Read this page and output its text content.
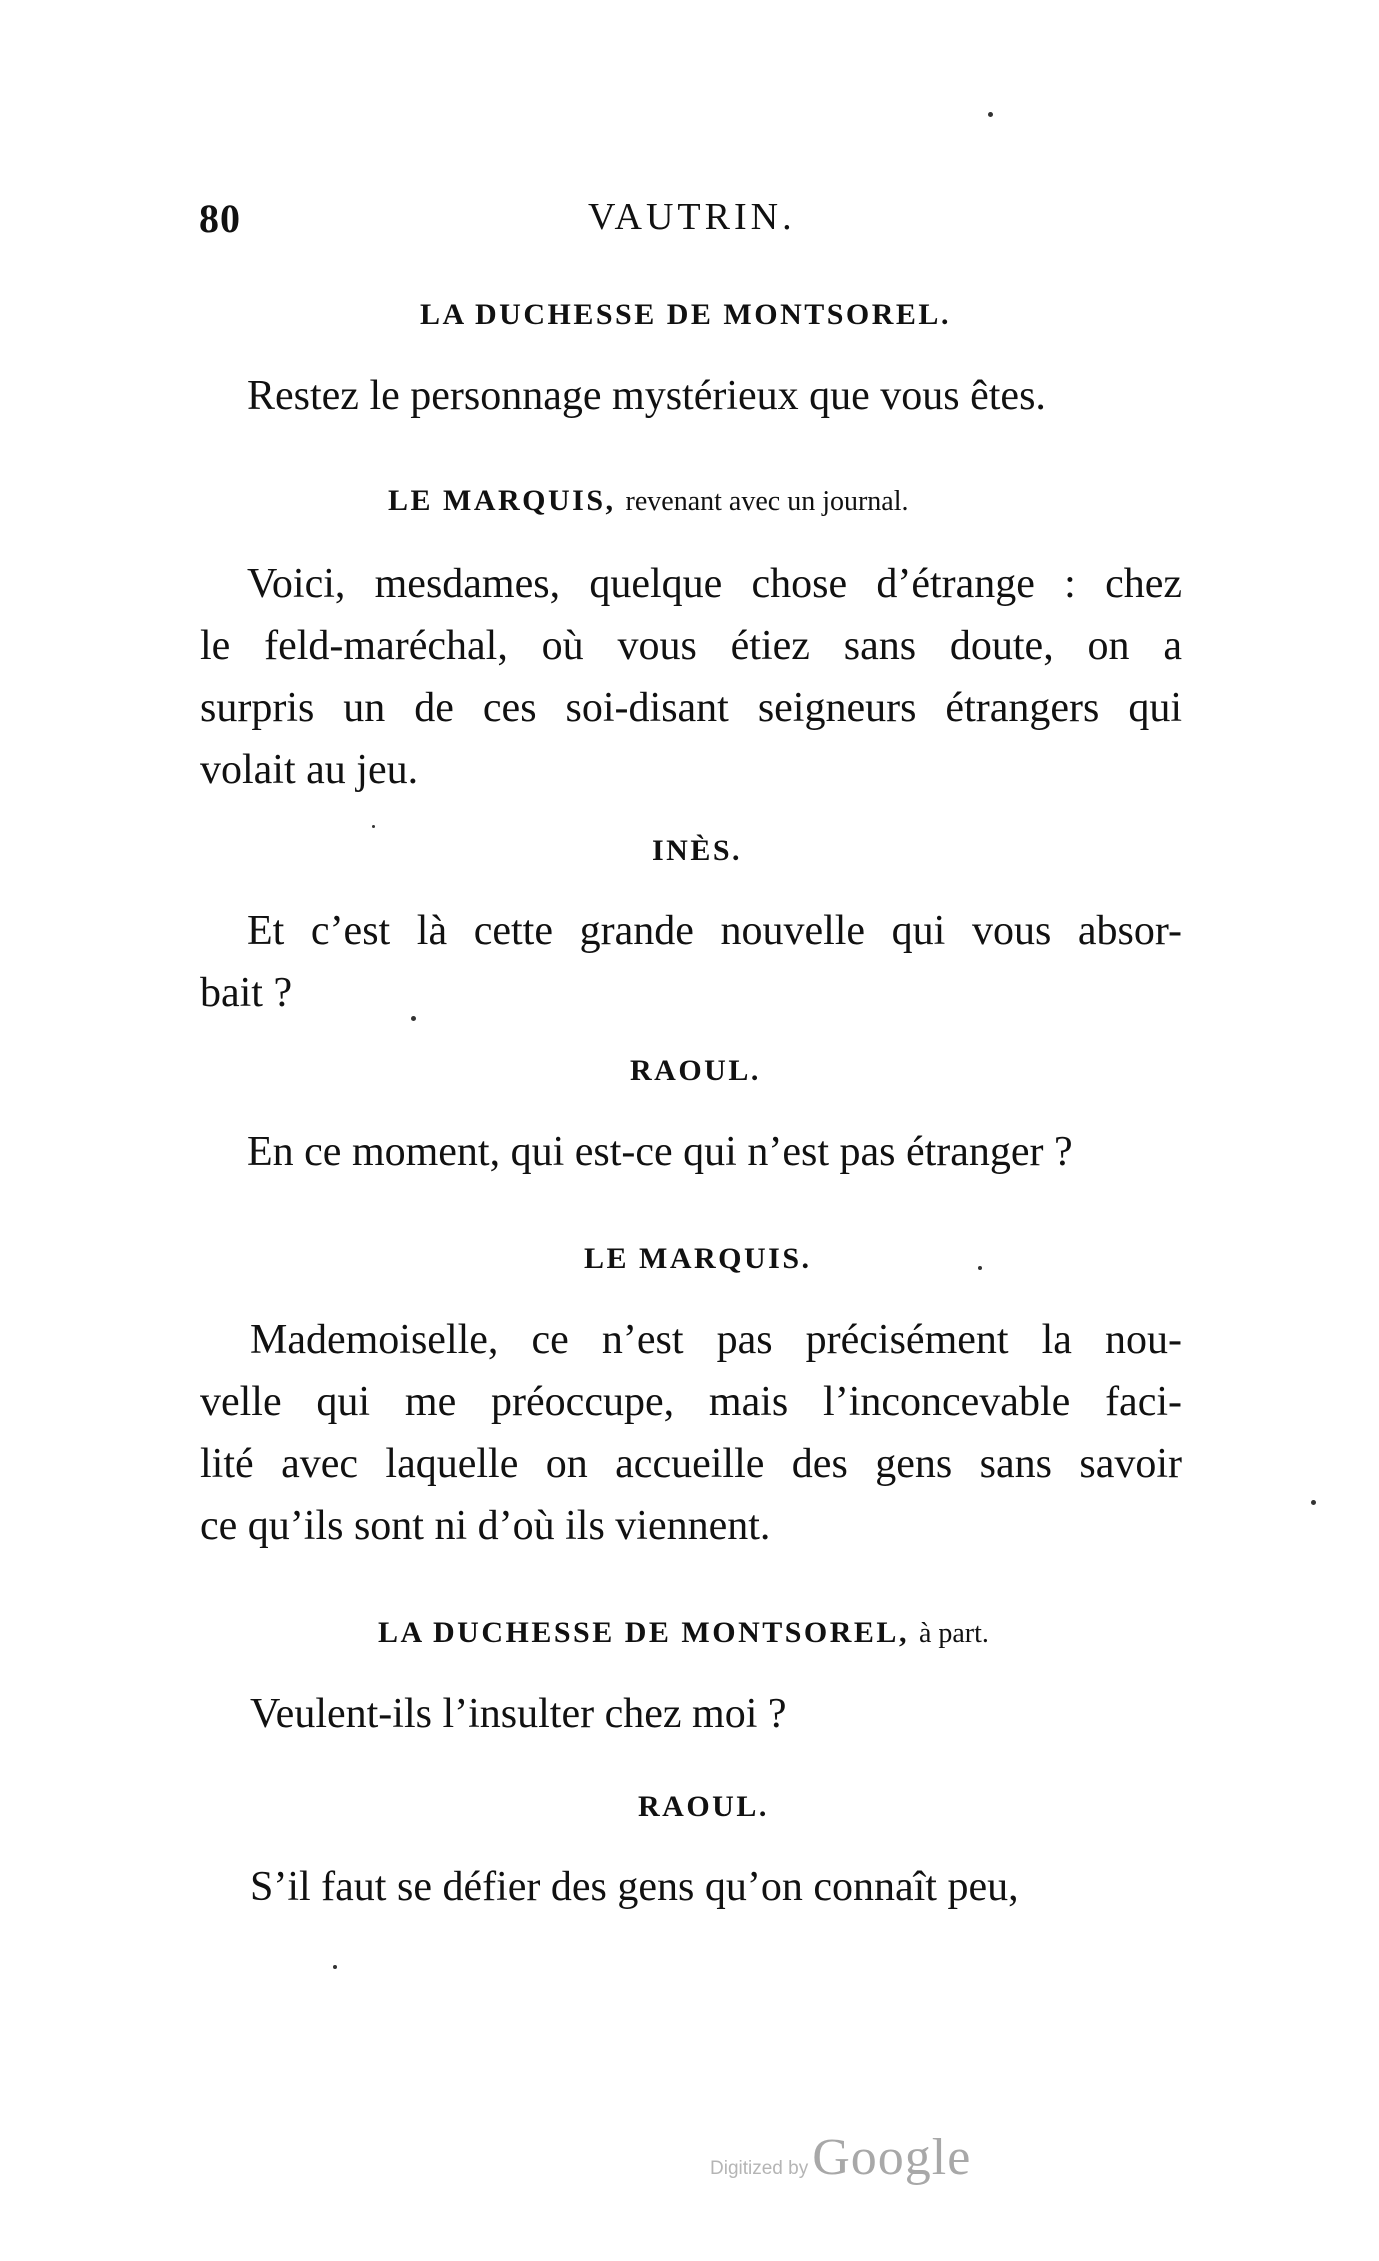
80	VAUTRIN.
LA DUCHESSE DE MONTSOREL.
Restez le personnage mystérieux que vous êtes.
LE MARQUIS, revenant avec un journal.
Voici, mesdames, quelque chose d’étrange : chez
le feld-maréchal, où vous étiez sans doute, on a
surpris un de ces soi-disant seigneurs étrangers qui
volait au jeu.
INÈS.
Et c’est là cette grande nouvelle qui vous absor-
bait ?
RAOUL.
En ce moment, qui est-ce qui n’est pas étranger ?
LE MARQUIS.
Mademoiselle, ce n’est pas précisément la nou-
velle qui me préoccupe, mais l’inconcevable faci-
lité avec laquelle on accueille des gens sans savoir
ce qu’ils sont ni d’où ils viennent.
LA DUCHESSE DE MONTSOREL, à part.
Veulent-ils l’insulter chez moi ?
RAOUL.
S’il faut se défier des gens qu’on connaît peu,
Digitized by Google
